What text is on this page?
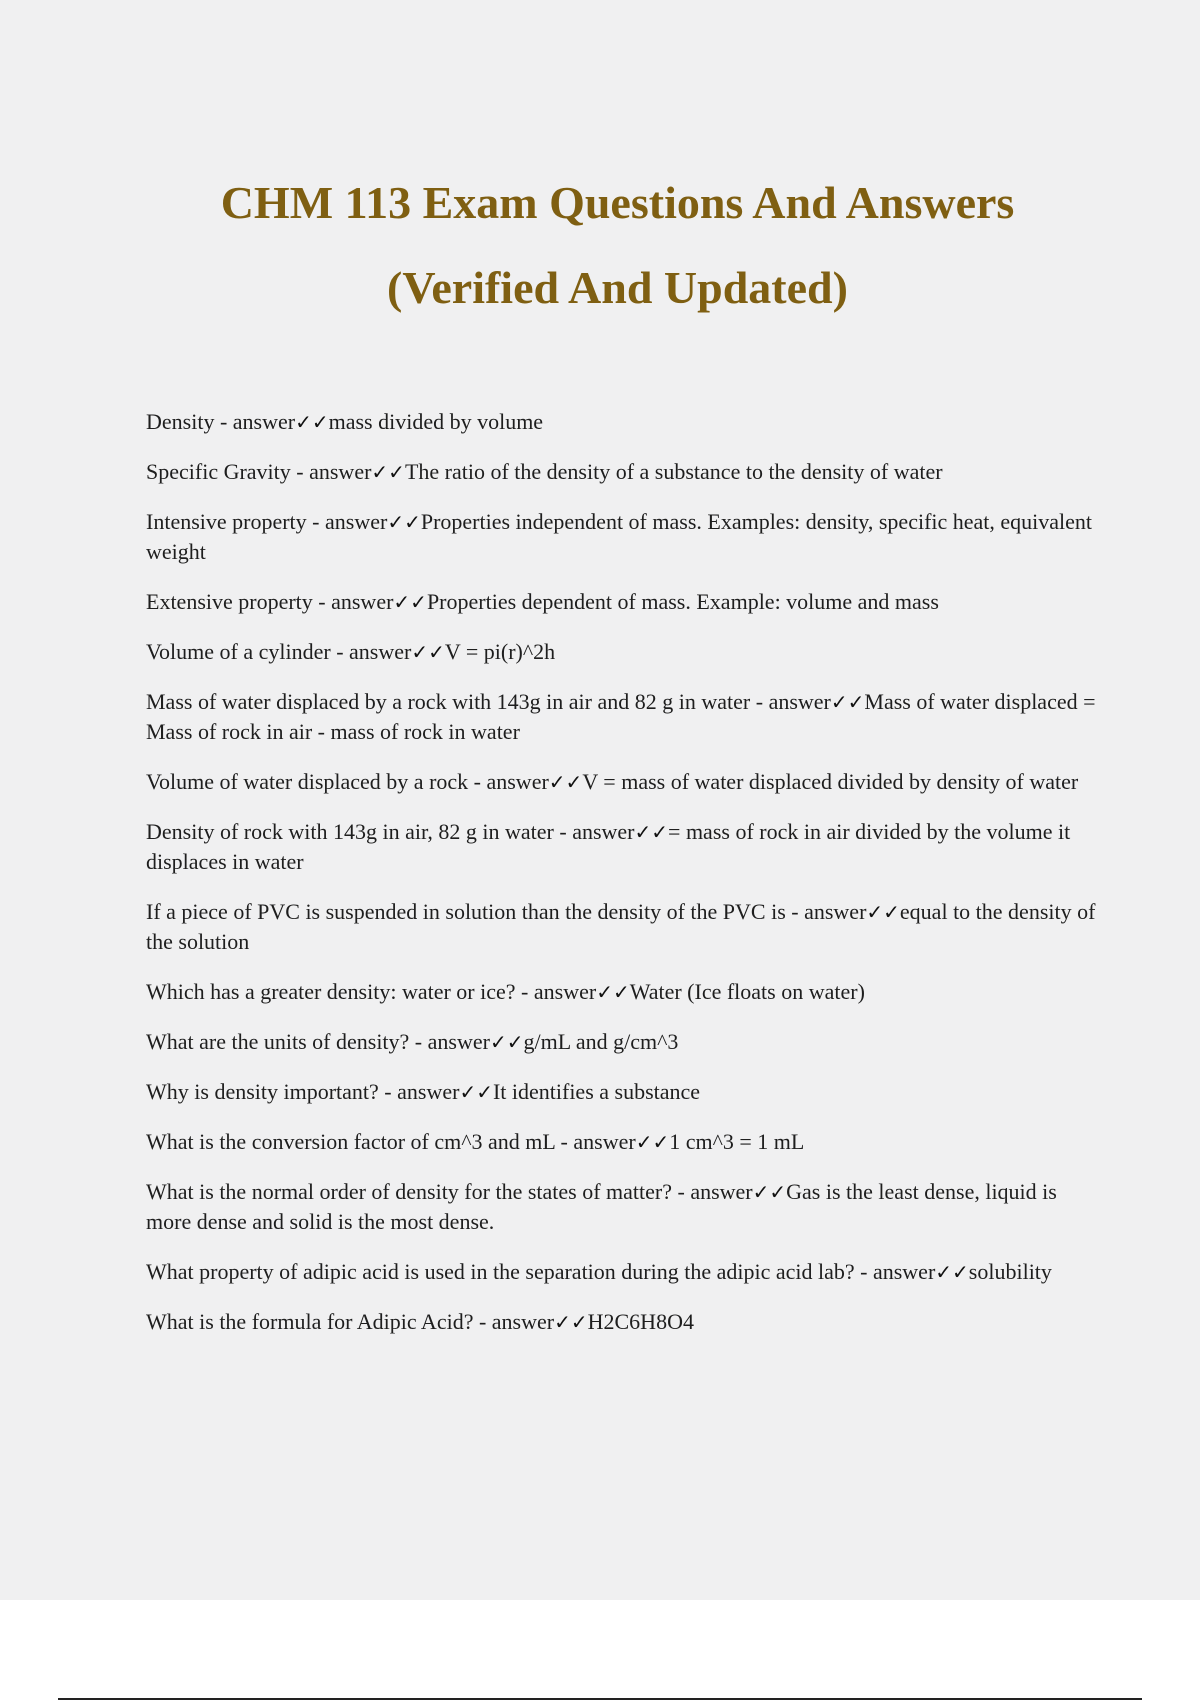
CHM 113 Exam Questions And Answers
(Verified And Updated)
Density - answer✓✓mass divided by volume
Specific Gravity - answer✓✓The ratio of the density of a substance to the density of water
Intensive property - answer✓✓Properties independent of mass. Examples: density, specific heat, equivalent weight
Extensive property - answer✓✓Properties dependent of mass. Example: volume and mass
Volume of a cylinder - answer✓✓V = pi(r)^2h
Mass of water displaced by a rock with 143g in air and 82 g in water - answer✓✓Mass of water displaced = Mass of rock in air - mass of rock in water
Volume of water displaced by a rock - answer✓✓V = mass of water displaced divided by density of water
Density of rock with 143g in air, 82 g in water - answer✓✓= mass of rock in air divided by the volume it displaces in water
If a piece of PVC is suspended in solution than the density of the PVC is - answer✓✓equal to the density of the solution
Which has a greater density: water or ice? - answer✓✓Water (Ice floats on water)
What are the units of density? - answer✓✓g/mL and g/cm^3
Why is density important? - answer✓✓It identifies a substance
What is the conversion factor of cm^3 and mL - answer✓✓1 cm^3 = 1 mL
What is the normal order of density for the states of matter? - answer✓✓Gas is the least dense, liquid is more dense and solid is the most dense.
What property of adipic acid is used in the separation during the adipic acid lab? - answer✓✓solubility
What is the formula for Adipic Acid? - answer✓✓H2C6H8O4
